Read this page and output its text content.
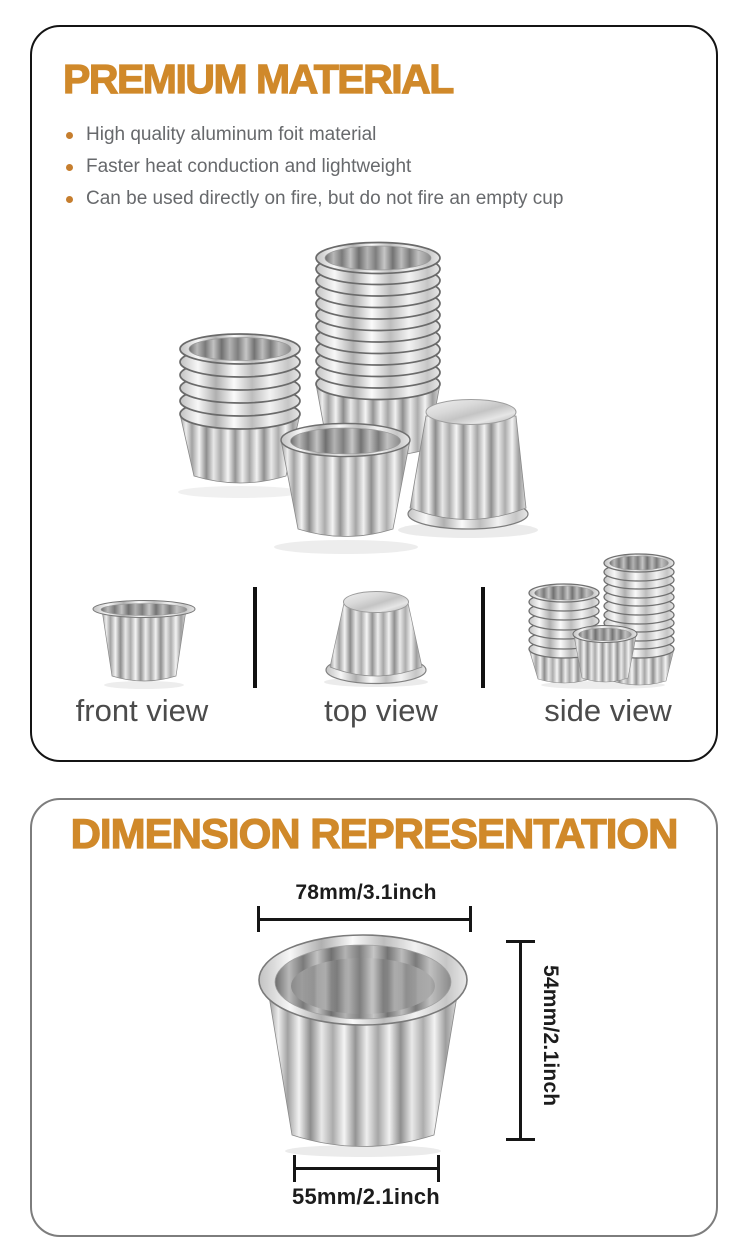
PREMIUM MATERIAL
High quality aluminum foit material
Faster heat conduction and lightweight
Can be used directly on fire, but do not fire an empty cup
front view	top view	side view
DIMENSION REPRESENTATION
78mm/3.1inch
54mm/2.1inch
55mm/2.1inch
